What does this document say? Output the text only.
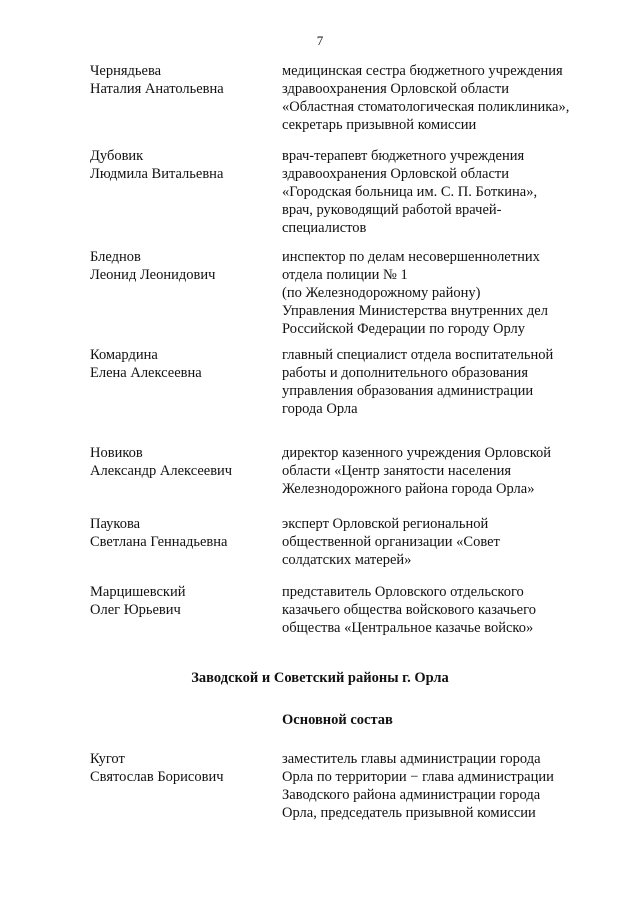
7
Чернядьева
Наталия Анатольевна
медицинская сестра бюджетного учреждения
здравоохранения Орловской области
«Областная стоматологическая поликлиника»,
секретарь призывной комиссии
Дубовик
Людмила Витальевна
врач-терапевт бюджетного учреждения
здравоохранения Орловской области
«Городская больница им. С. П. Боткина»,
врач, руководящий работой врачей-
специалистов
Бледнов
Леонид Леонидович
инспектор по делам несовершеннолетних
отдела полиции № 1
(по Железнодорожному району)
Управления Министерства внутренних дел
Российской Федерации по городу Орлу
Комардина
Елена Алексеевна
главный специалист отдела воспитательной
работы и дополнительного образования
управления образования администрации
города Орла
Новиков
Александр Алексеевич
директор казенного учреждения Орловской
области «Центр занятости населения
Железнодорожного района города Орла»
Паукова
Светлана Геннадьевна
эксперт Орловской региональной
общественной организации «Совет
солдатских матерей»
Марцишевский
Олег Юрьевич
представитель Орловского отдельского
казачьего общества войскового казачьего
общества «Центральное казачье войско»
Заводской и Советский районы г. Орла
Основной состав
Кугот
Святослав Борисович
заместитель главы администрации города
Орла по территории − глава администрации
Заводского района администрации города
Орла, председатель призывной комиссии
